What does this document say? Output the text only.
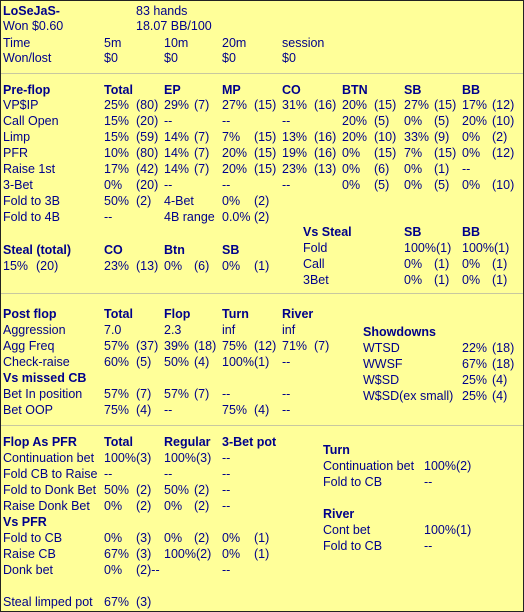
LoSeJaS-	83 hands
Won $0.60	18.07 BB/100
Time	5m	10m	20m	session
Won/lost	$0	$0	$0	$0
Pre-flop	Total EP	MP	CO	BTN	SB	BB
VP$IP	25% (80) 29% (7) 27% (15) 31% (16) 20% (15) 27% (15) 17% (12)
Call Open	15% (20) --	--	--	20% (5) 0% (5) 20% (10)
Limp	15% (59) 14% (7) 7% (15) 13% (16) 20% (10) 33% (9) 0% (2)
PFR	10% (80) 14% (7) 20% (15) 19% (16) 0% (15) 7% (15) 0% (12)
Raise 1st	17% (42) 14% (7) 20% (15) 23% (13) 0% (6) 0% (1) --
3-Bet	0% (20) --	--	--	0% (5) 0% (5) 0% (10)
Fold to 3B	50% (2) 4-Bet 0% (2)
Fold to 4B	--	4B range 0.0% (2)
Vs Steal	SB	BB
Fold	100%(1) 100%(1)
Call	0% (1) 0% (1)
3Bet	0% (1) 0% (1)
Steal (total)	CO	Btn	SB
15% (20)	23% (13) 0% (6) 0% (1)
Post flop	Total Flop	Turn	River
Aggression	7.0	2.3	inf	inf
Agg Freq	57% (37) 39% (18) 75% (12) 71% (7)
Check-raise	60% (5) 50% (4) 100%(1) --
Vs missed CB
Bet In position 57% (7) 57% (7) --	--
Bet OOP	75% (4) --	75% (4) --
Showdowns
WTSD	22% (18)
WWSF	67% (18)
W$SD	25% (4)
W$SD(ex small) 25% (4)
Flop As PFR Total Regular 3-Bet pot
Continuation bet 100%(3) 100%(3) --
Fold CB to Raise --	--	--
Fold to Donk Bet 50% (2) 50% (2) --
Raise Donk Bet 0% (2) 0% (2) --
Vs PFR
Fold to CB	0% (3) 0% (2) 0% (1)
Raise CB	67% (3) 100%(2) 0% (1)
Donk bet	0% (2)--	--
Turn
Continuation bet 100%(2)
Fold to CB	--
River
Cont bet	100%(1)
Fold to CB	--
Steal limped pot 67% (3)
